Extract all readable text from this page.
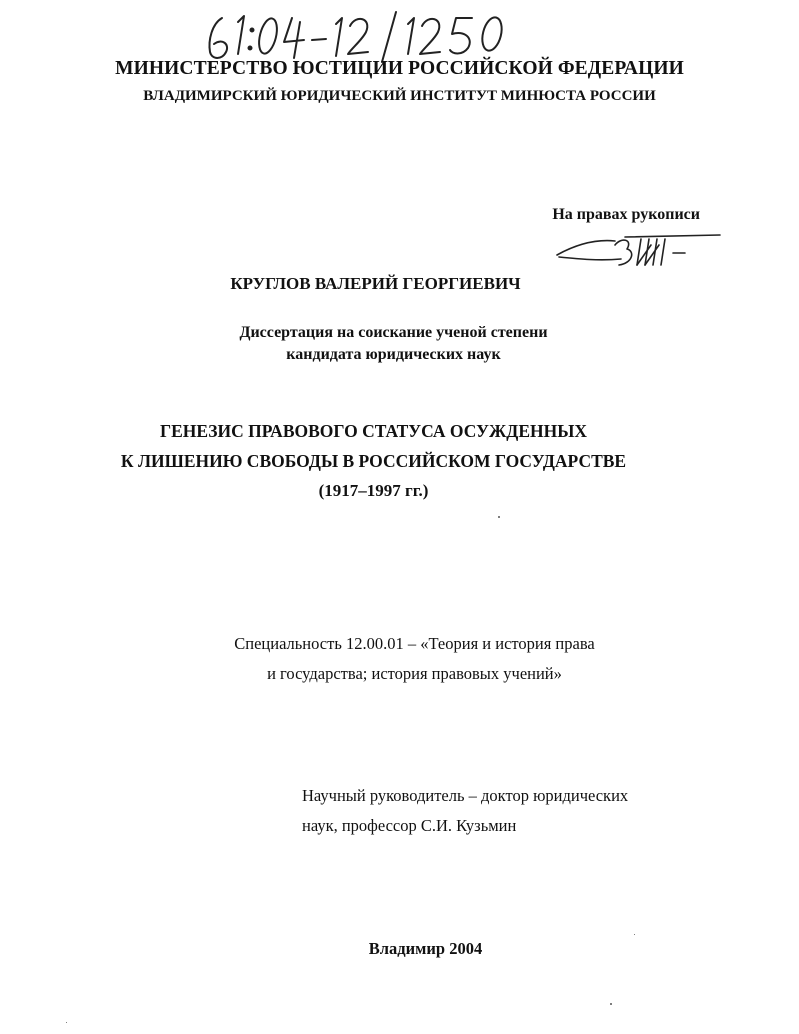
МИНИСТЕРСТВО ЮСТИЦИИ РОССИЙСКОЙ ФЕДЕРАЦИИ
ВЛАДИМИРСКИЙ ЮРИДИЧЕСКИЙ ИНСТИТУТ МИНЮСТА РОССИИ
На правах рукописи
КРУГЛОВ ВАЛЕРИЙ ГЕОРГИЕВИЧ
Диссертация на соискание ученой степени
кандидата юридических наук
ГЕНЕЗИС ПРАВОВОГО СТАТУСА ОСУЖДЕННЫХ
К ЛИШЕНИЮ СВОБОДЫ В РОССИЙСКОМ ГОСУДАРСТВЕ
(1917–1997 гг.)
Специальность 12.00.01 – «Теория и история права
и государства; история правовых учений»
Научный руководитель – доктор юридических
наук, профессор С.И. Кузьмин
Владимир 2004
